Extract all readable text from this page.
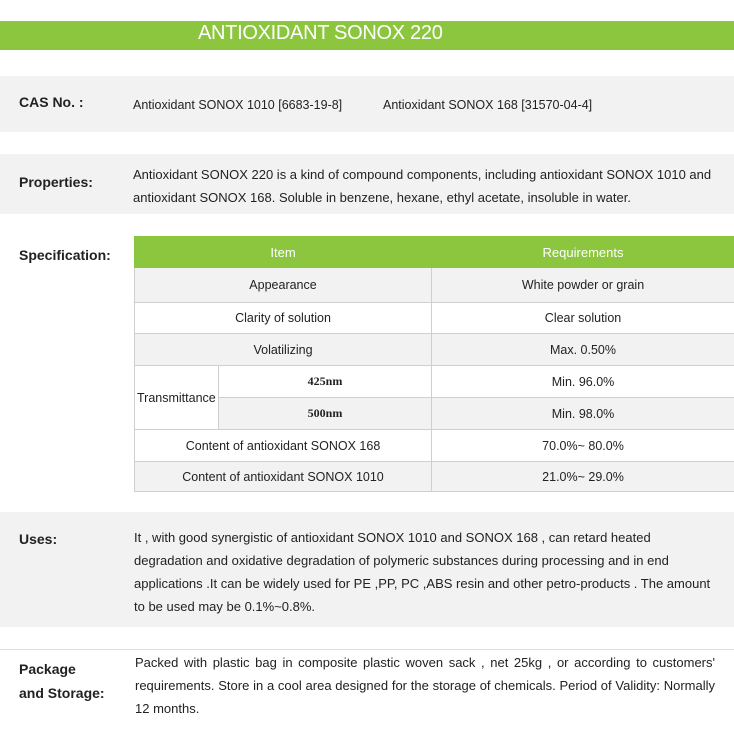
ANTIOXIDANT SONOX 220
CAS No. :	Antioxidant SONOX 1010 [6683-19-8]	Antioxidant SONOX 168 [31570-04-4]
Properties:	Antioxidant SONOX 220 is a kind of compound components, including antioxidant SONOX 1010 and antioxidant SONOX 168. Soluble in benzene, hexane, ethyl acetate, insoluble in water.
Specification:	Item		Requirements
Appearance		White powder or grain
Clarity of solution		Clear solution
Volatilizing		Max. 0.50%
Transmittance	425nm	Min. 96.0%
	500nm	Min. 98.0%
Content of antioxidant SONOX 168		70.0%~ 80.0%
Content of antioxidant SONOX 1010		21.0%~ 29.0%
Uses:	It , with good synergistic of antioxidant SONOX 1010 and SONOX 168 , can retard heated degradation and oxidative degradation of polymeric substances during processing and in end applications .It can be widely used for PE ,PP, PC ,ABS resin and other petro-products . The amount to be used may be 0.1%~0.8%.
Package
and Storage:
Packed with plastic bag in composite plastic woven sack , net 25kg , or according to customers' requirements. Store in a cool area designed for the storage of chemicals. Period of Validity: Normally 12 months.
